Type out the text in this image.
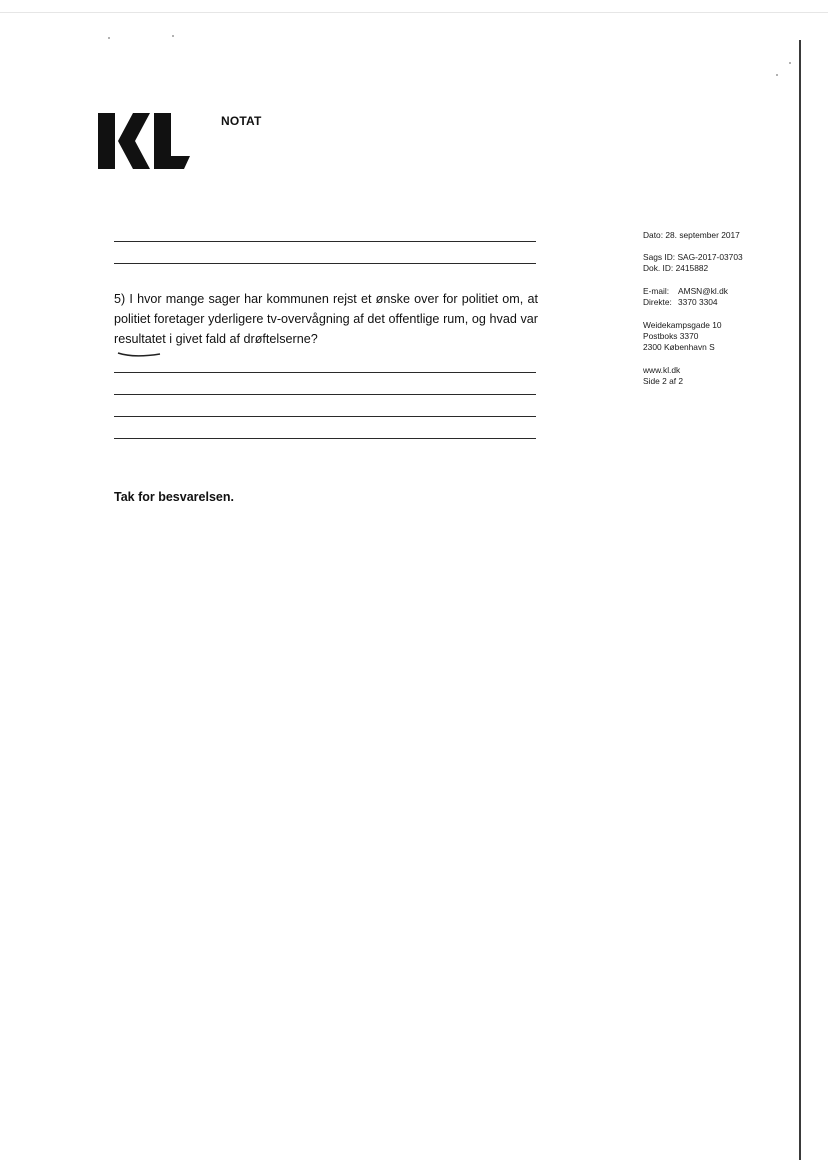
NOTAT
5) I hvor mange sager har kommunen rejst et ønske over for politiet om, at politiet foretager yderligere tv-overvågning af det offentlige rum, og hvad var resultatet i givet fald af drøftelserne?
Tak for besvarelsen.
Dato: 28. september 2017
Sags ID: SAG-2017-03703
Dok. ID: 2415882
E-mail: AMSN@kl.dk
Direkte: 3370 3304
Weidekampsgade 10
Postboks 3370
2300 København S
www.kl.dk
Side 2 af 2
